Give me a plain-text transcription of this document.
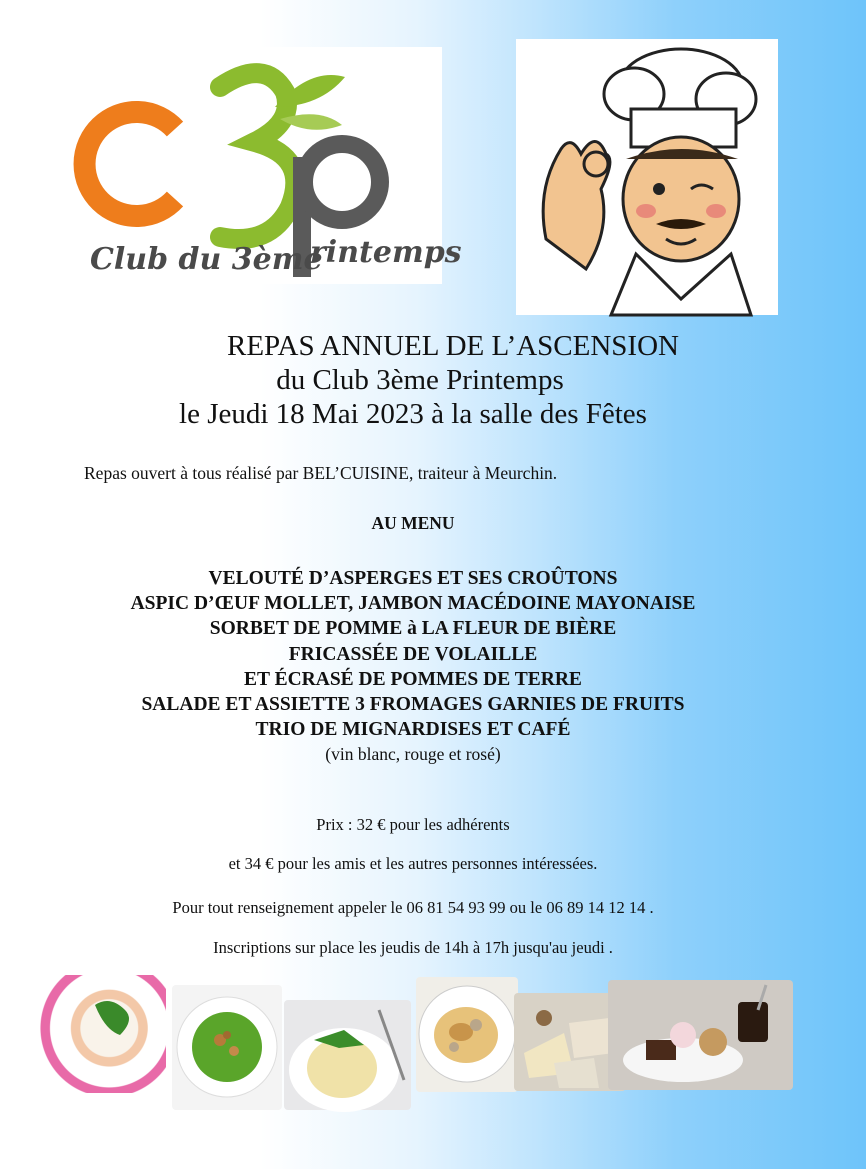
Club du 3ème
rintemps
REPAS ANNUEL DE L’ASCENSION
du Club 3ème Printemps
le Jeudi 18 Mai 2023 à la salle des Fêtes
Repas ouvert à tous réalisé par BEL’CUISINE, traiteur à Meurchin.
AU MENU
VELOUTÉ D’ASPERGES ET SES CROÛTONS
ASPIC D’ŒUF MOLLET, JAMBON MACÉDOINE MAYONAISE
SORBET DE POMME à LA FLEUR DE BIÈRE
FRICASSÉE DE VOLAILLE
ET ÉCRASÉ DE POMMES DE TERRE
SALADE ET ASSIETTE 3 FROMAGES GARNIES DE FRUITS
TRIO DE MIGNARDISES ET CAFÉ
(vin blanc, rouge et rosé)
Prix : 32 € pour les adhérents
et 34 € pour les amis et les autres personnes intéressées.
Pour tout renseignement appeler le 06 81 54 93 99 ou le 06 89 14 12 14 .
Inscriptions sur place les jeudis de 14h à 17h jusqu'au jeudi .
